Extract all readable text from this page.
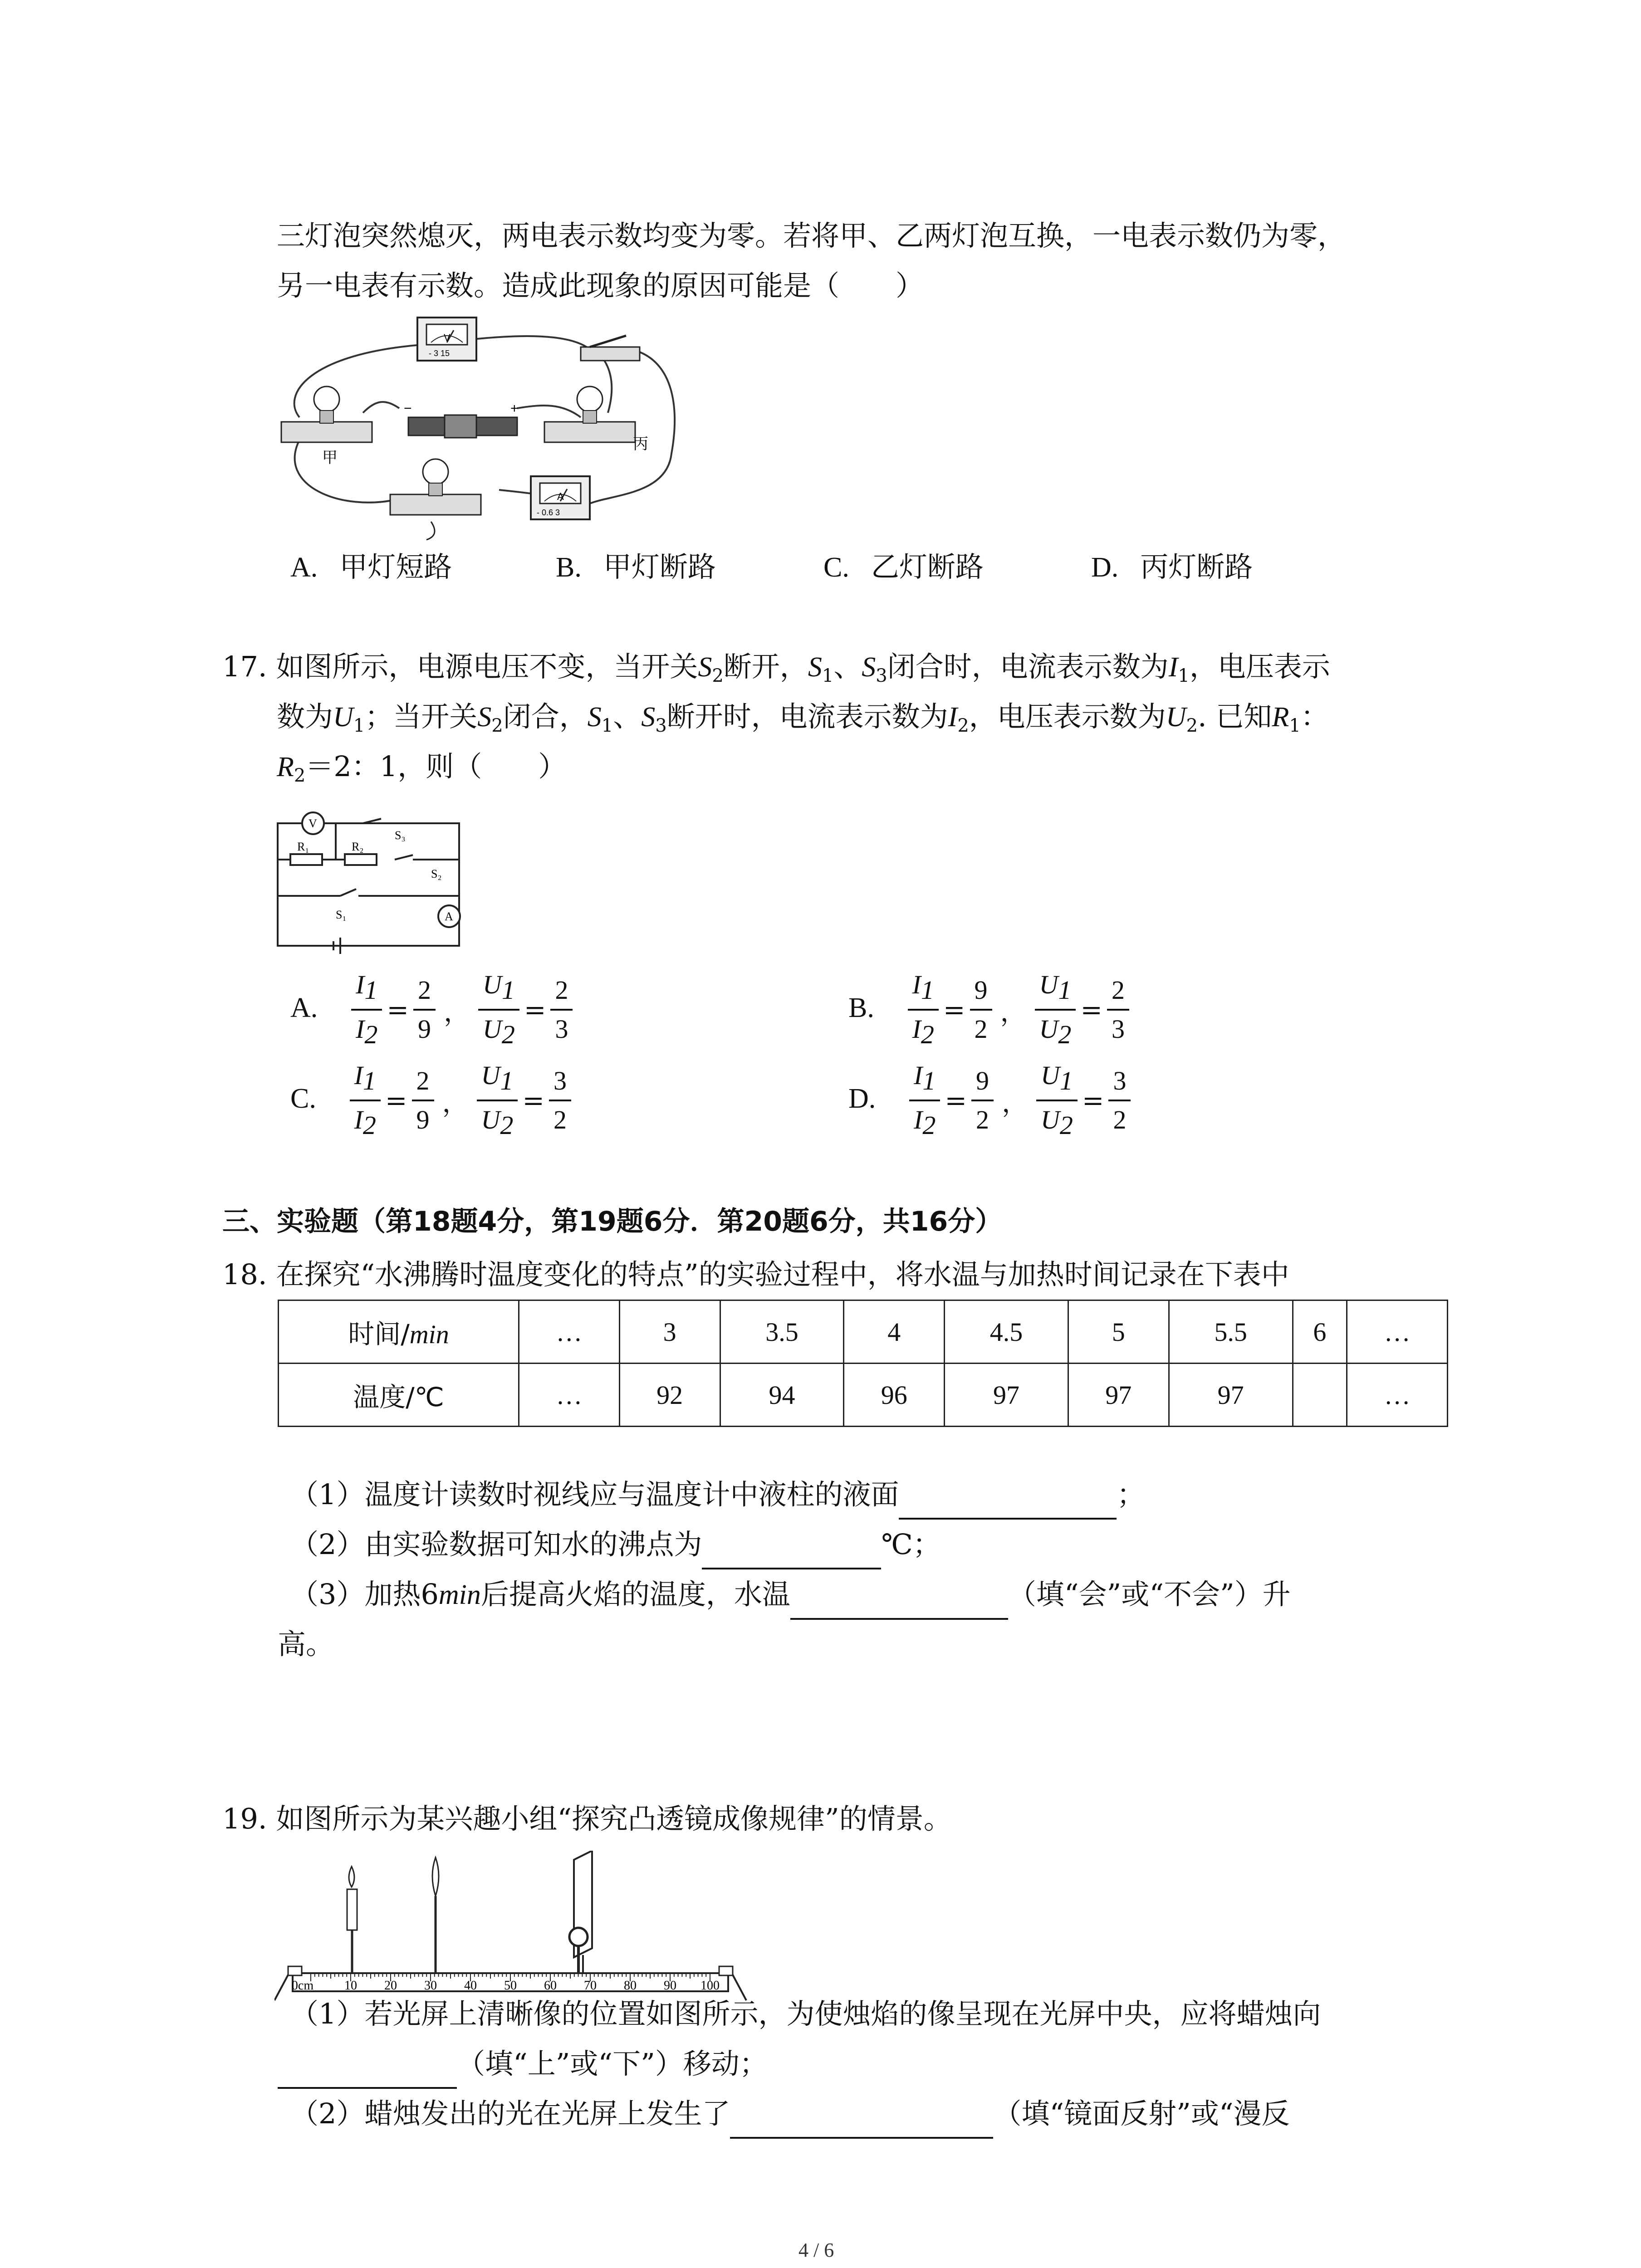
三灯泡突然熄灭，两电表示数均变为零。若将甲、乙两灯泡互换，一电表示数仍为零，
另一电表有示数。造成此现象的原因可能是（　　）
V
- 3 15
甲
−	+
丙
A
- 0.6 3
A. 甲灯短路	B. 甲灯断路	C. 乙灯断路	D. 丙灯断路
17. 如图所示，电源电压不变，当开关$S_2$断开，$S_1$、$S_3$闭合时，电流表示数为$I_1$，电压表示
数为$U_1$；当开关$S_2$闭合，$S_1$、$S_3$断开时，电流表示数为$I_2$，电压表示数为$U_2$. 已知$R_1$：
$R_2=2$：1，则（　　）
V
A
R₁	R₂
S₁
S₂
S₃
A. $\frac{I1}{I2} = \frac{2}{9}$ ， $\frac{U1}{U2} = \frac{2}{3}$	B. $\frac{I1}{I2} = \frac{9}{2}$ ， $\frac{U1}{U2} = \frac{2}{3}$
C. $\frac{I1}{I2} = \frac{2}{9}$ ， $\frac{U1}{U2} = \frac{3}{2}$	D. $\frac{I1}{I2} = \frac{9}{2}$ ， $\frac{U1}{U2} = \frac{3}{2}$
三、实验题（第18题4分，第19题6分．第20题6分，共16分）
18. 在探究“水沸腾时温度变化的特点”的实验过程中，将水温与加热时间记录在下表中
时间/min	…	3	3.5	4	4.5	5	5.5	6	…
温度/℃	…	92	94	96	97	97	97		…
（1）温度计读数时视线应与温度计中液柱的液面	；
（2）由实验数据可知水的沸点为	℃；
（3）加热6min后提高火焰的温度，水温	（填“会”或“不会”）升
高。
19. 如图所示为某兴趣小组“探究凸透镜成像规律”的情景。
0cm 10 20 30 40 50 60 70 80 90 100
（1）若光屏上清晰像的位置如图所示，为使烛焰的像呈现在光屏中央，应将蜡烛向
（填“上”或“下”）移动；
（2）蜡烛发出的光在光屏上发生了	（填“镜面反射”或“漫反
4 / 6
